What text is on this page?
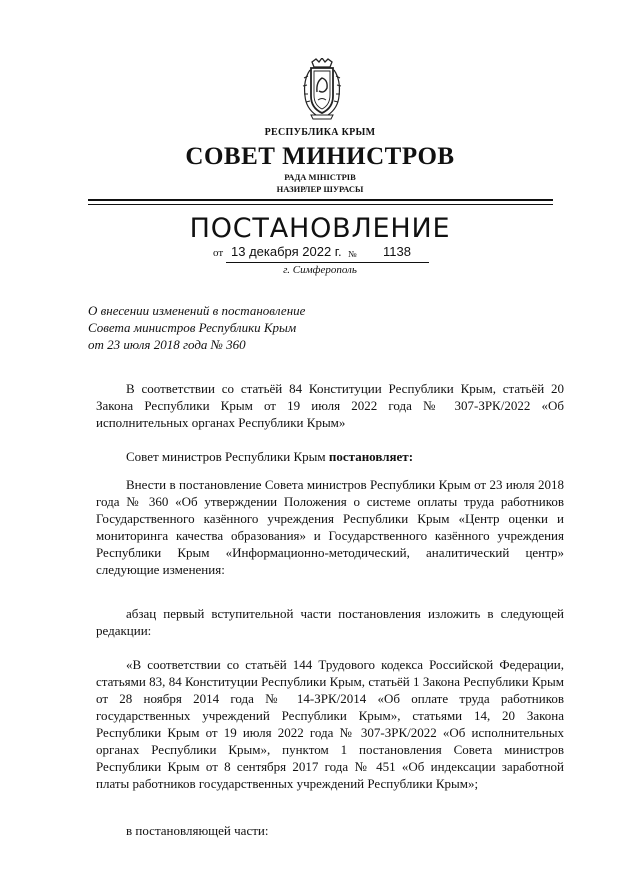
РЕСПУБЛИКА КРЫМ
СОВЕТ МИНИСТРОВ
РАДА МІНІСТРІВ
НАЗИРЛЕР ШУРАСЫ
ПОСТАНОВЛЕНИЕ
от 13 декабря 2022 г. № 1138
г. Симферополь
О внесении изменений в постановление
Совета министров Республики Крым
от 23 июля 2018 года № 360
В соответствии со статьёй 84 Конституции Республики Крым, статьёй 20 Закона Республики Крым от 19 июля 2022 года № 307-ЗРК/2022 «Об исполнительных органах Республики Крым»
Совет министров Республики Крым постановляет:
Внести в постановление Совета министров Республики Крым от 23 июля 2018 года № 360 «Об утверждении Положения о системе оплаты труда работников Государственного казённого учреждения Республики Крым «Центр оценки и мониторинга качества образования» и Государственного казённого учреждения Республики Крым «Информационно-методический, аналитический центр» следующие изменения:
абзац первый вступительной части постановления изложить в следующей редакции:
«В соответствии со статьёй 144 Трудового кодекса Российской Федерации, статьями 83, 84 Конституции Республики Крым, статьёй 1 Закона Республики Крым от 28 ноября 2014 года № 14-ЗРК/2014 «Об оплате труда работников государственных учреждений Республики Крым», статьями 14, 20 Закона Республики Крым от 19 июля 2022 года № 307-ЗРК/2022 «Об исполнительных органах Республики Крым», пунктом 1 постановления Совета министров Республики Крым от 8 сентября 2017 года № 451 «Об индексации заработной платы работников государственных учреждений Республики Крым»;
в постановляющей части:
